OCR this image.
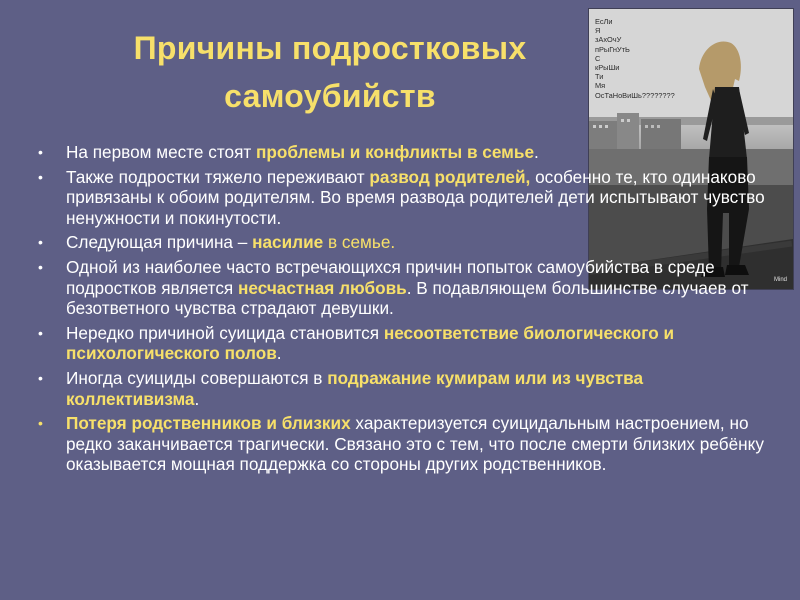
Причины подростковых
самоубийств
ЕсЛи
Я
зАхОчУ
пРыГнУтЬ
С
кРыШи
Ти
Мя
ОсТаНоВиШь????????
Mind
• На первом месте стоят проблемы и конфликты в семье.
• Также подростки тяжело переживают развод родителей, особенно те, кто одинаково привязаны к обоим родителям. Во время развода родителей дети испытывают чувство ненужности и покинутости.
• Следующая причина – насилие в семье.
• Одной из наиболее часто встречающихся причин попыток самоубийства в среде подростков является несчастная любовь. В подавляющем большинстве случаев от безответного чувства страдают девушки.
• Нередко причиной суицида становится несоответствие биологического и психологического полов.
• Иногда суициды совершаются в подражание кумирам или из чувства коллективизма.
• Потеря родственников и близких характеризуется суицидальным настроением, но редко заканчивается трагически. Связано это с тем, что после смерти близких ребёнку оказывается мощная поддержка со стороны других родственников.
